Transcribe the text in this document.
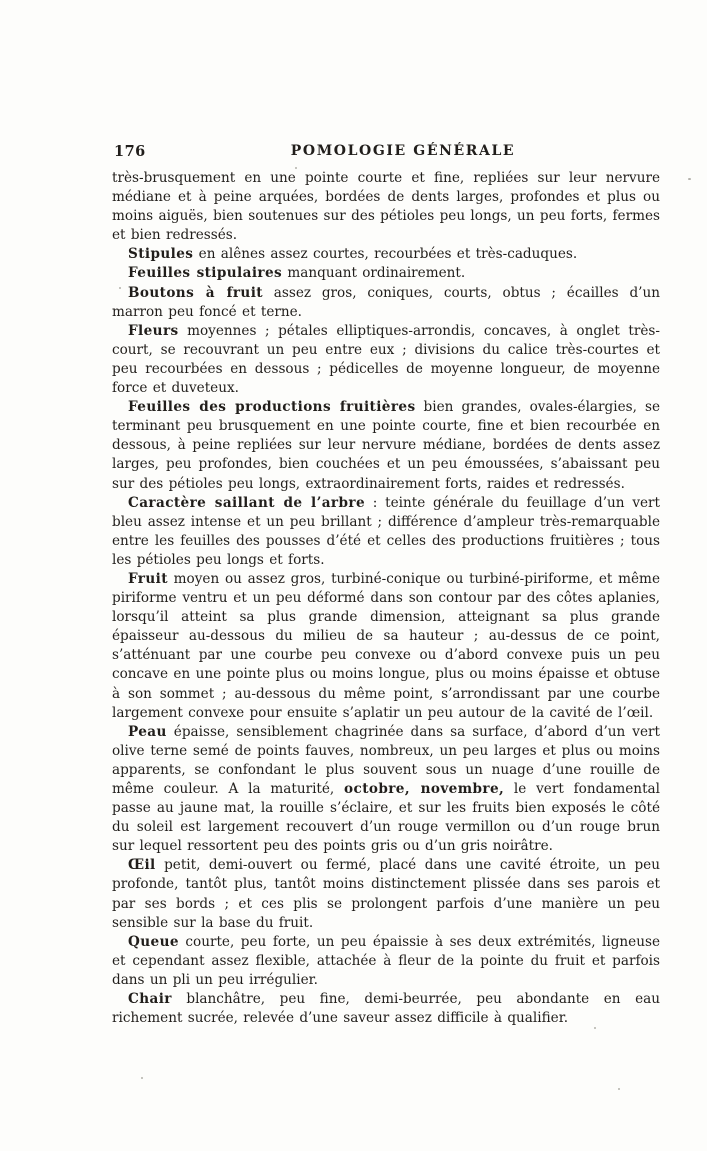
176	POMOLOGIE GÉNÉRALE

très-brusquement en une pointe courte et fine, repliées sur leur nervure médiane et à peine arquées, bordées de dents larges, profondes et plus ou moins aiguës, bien soutenues sur des pétioles peu longs, un peu forts, fermes et bien redressés.

Stipules en alênes assez courtes, recourbées et très-caduques.

Feuilles stipulaires manquant ordinairement.

Boutons à fruit assez gros, coniques, courts, obtus ; écailles d’un marron peu foncé et terne.

Fleurs moyennes ; pétales elliptiques-arrondis, concaves, à onglet très-court, se recouvrant un peu entre eux ; divisions du calice très-courtes et peu recourbées en dessous ; pédicelles de moyenne longueur, de moyenne force et duveteux.

Feuilles des productions fruitières bien grandes, ovales-élargies, se terminant peu brusquement en une pointe courte, fine et bien recourbée en dessous, à peine repliées sur leur nervure médiane, bordées de dents assez larges, peu profondes, bien couchées et un peu émoussées, s’abaissant peu sur des pétioles peu longs, extraordinairement forts, raides et redressés.

Caractère saillant de l’arbre : teinte générale du feuillage d’un vert bleu assez intense et un peu brillant ; différence d’ampleur très-remarquable entre les feuilles des pousses d’été et celles des productions fruitières ; tous les pétioles peu longs et forts.

Fruit moyen ou assez gros, turbiné-conique ou turbiné-piriforme, et même piriforme ventru et un peu déformé dans son contour par des côtes aplanies, lorsqu’il atteint sa plus grande dimension, atteignant sa plus grande épaisseur au-dessous du milieu de sa hauteur ; au-dessus de ce point, s’atténuant par une courbe peu convexe ou d’abord convexe puis un peu concave en une pointe plus ou moins longue, plus ou moins épaisse et obtuse à son sommet ; au-dessous du même point, s’arrondissant par une courbe largement convexe pour ensuite s’aplatir un peu autour de la cavité de l’œil.

Peau épaisse, sensiblement chagrinée dans sa surface, d’abord d’un vert olive terne semé de points fauves, nombreux, un peu larges et plus ou moins apparents, se confondant le plus souvent sous un nuage d’une rouille de même couleur. A la maturité, octobre, novembre, le vert fondamental passe au jaune mat, la rouille s’éclaire, et sur les fruits bien exposés le côté du soleil est largement recouvert d’un rouge vermillon ou d’un rouge brun sur lequel ressortent peu des points gris ou d’un gris noirâtre.

Œil petit, demi-ouvert ou fermé, placé dans une cavité étroite, un peu profonde, tantôt plus, tantôt moins distinctement plissée dans ses parois et par ses bords ; et ces plis se prolongent parfois d’une manière un peu sensible sur la base du fruit.

Queue courte, peu forte, un peu épaissie à ses deux extrémités, ligneuse et cependant assez flexible, attachée à fleur de la pointe du fruit et parfois dans un pli un peu irrégulier.

Chair blanchâtre, peu fine, demi-beurrée, peu abondante en eau richement sucrée, relevée d’une saveur assez difficile à qualifier.
